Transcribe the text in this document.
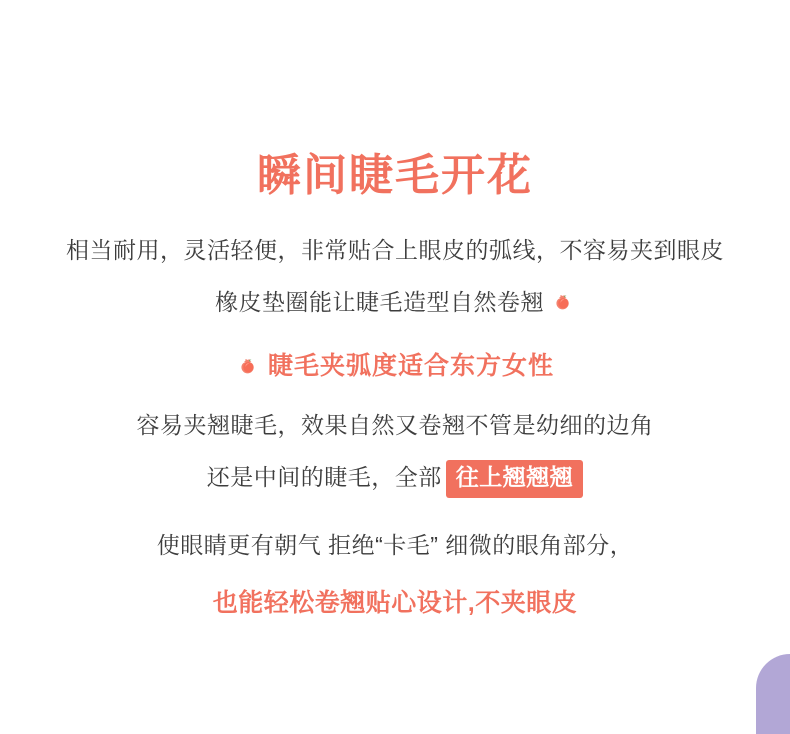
瞬间睫毛开花
相当耐用，灵活轻便，非常贴合上眼皮的弧线，不容易夹到眼皮
橡皮垫圈能让睫毛造型自然卷翘
睫毛夹弧度适合东方女性
容易夹翘睫毛，效果自然又卷翘不管是幼细的边角
还是中间的睫毛，全部 往上翘翘翘
使眼睛更有朝气 拒绝“卡毛” 细微的眼角部分，
也能轻松卷翘贴心设计,不夹眼皮
